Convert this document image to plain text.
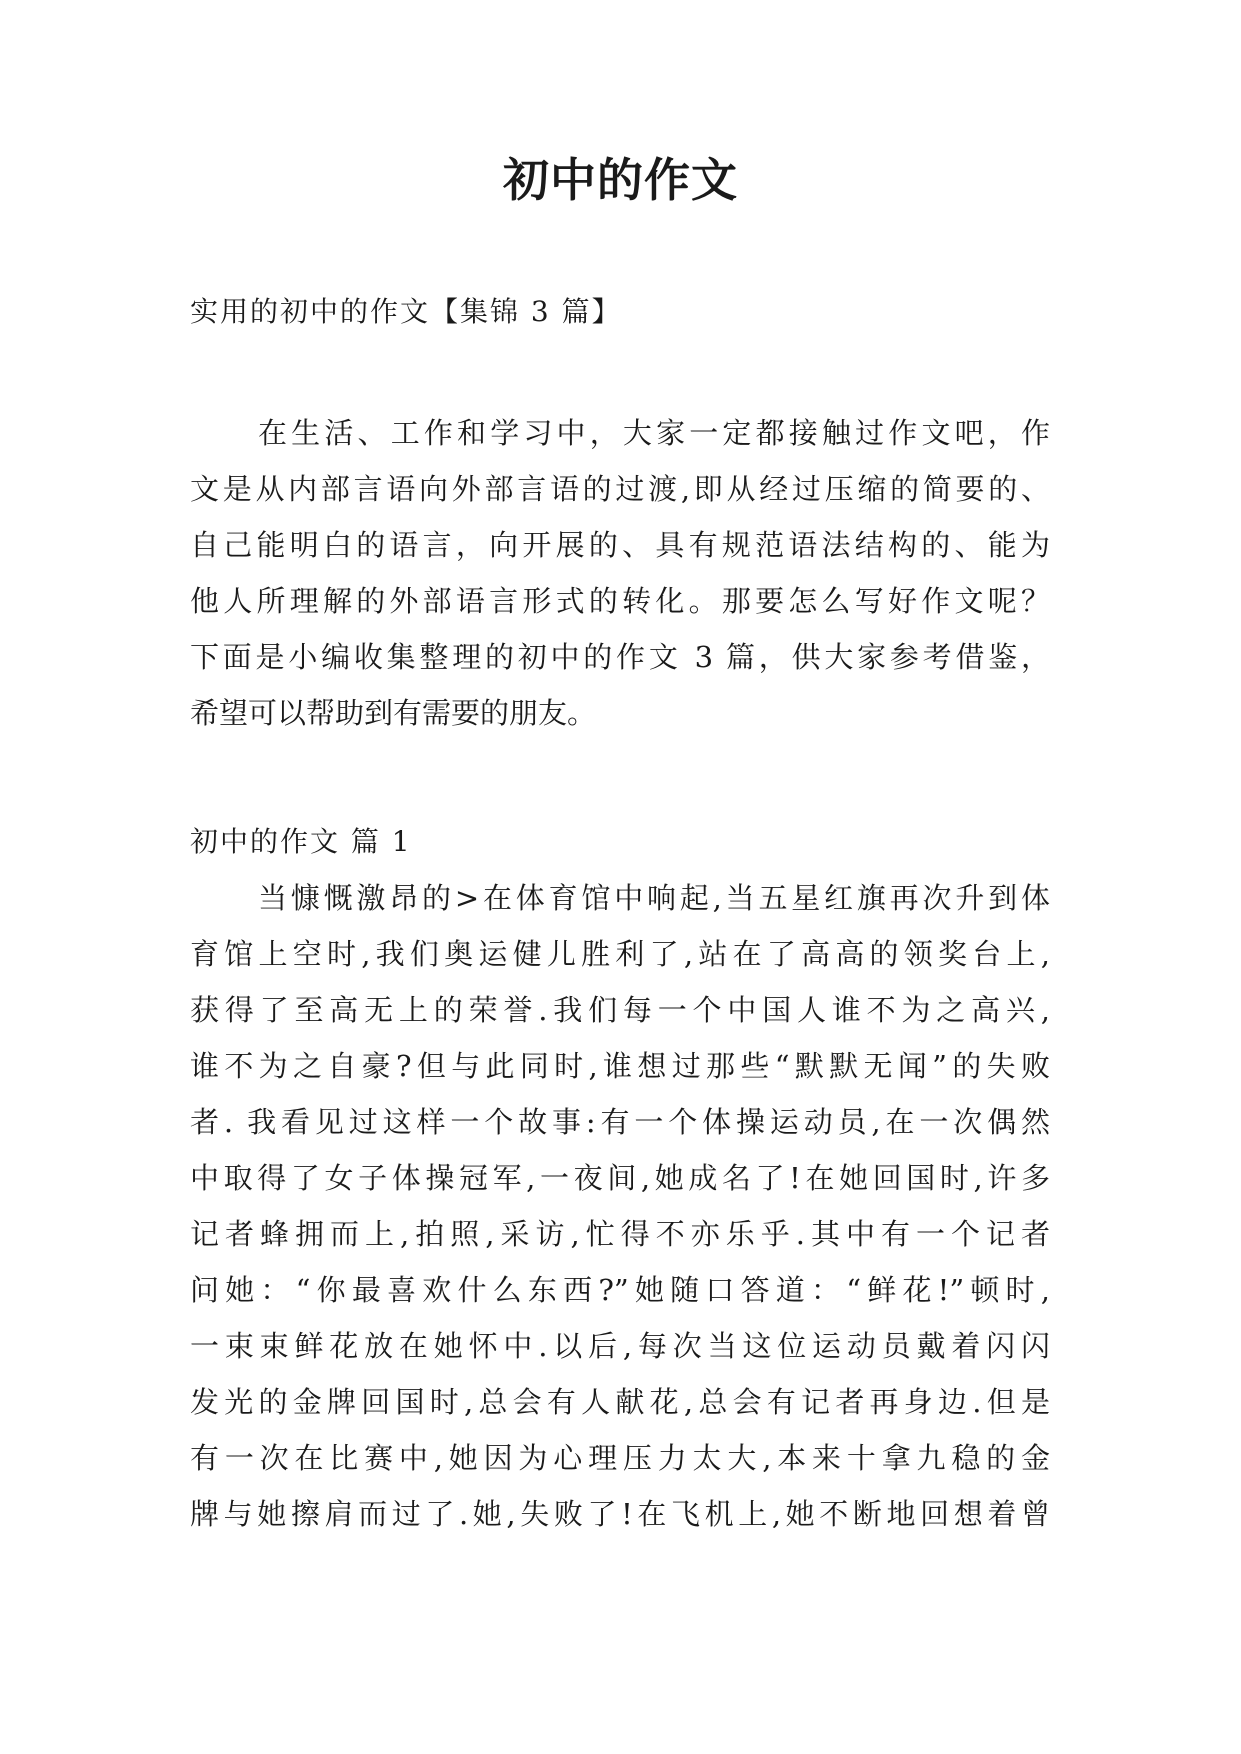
初中的作文
实用的初中的作文【集锦 3 篇】
在生活、工作和学习中，大家一定都接触过作文吧，作
文是从内部言语向外部言语的过渡,即从经过压缩的简要的、
自己能明白的语言，向开展的、具有规范语法结构的、能为
他人所理解的外部语言形式的转化。那要怎么写好作文呢？
下面是小编收集整理的初中的作文 3 篇，供大家参考借鉴，
希望可以帮助到有需要的朋友。
初中的作文 篇 1
当慷慨激昂的>在体育馆中响起,当五星红旗再次升到体
育馆上空时,我们奥运健儿胜利了,站在了高高的领奖台上,
获得了至高无上的荣誉.我们每一个中国人谁不为之高兴,
谁不为之自豪?但与此同时,谁想过那些“默默无闻”的失败
者. 我看见过这样一个故事:有一个体操运动员,在一次偶然
中取得了女子体操冠军,一夜间,她成名了!在她回国时,许多
记者蜂拥而上,拍照,采访,忙得不亦乐乎.其中有一个记者
问她：“你最喜欢什么东西?”她随口答道：“鲜花!”顿时,
一束束鲜花放在她怀中.以后,每次当这位运动员戴着闪闪
发光的金牌回国时,总会有人献花,总会有记者再身边.但是
有一次在比赛中,她因为心理压力太大,本来十拿九稳的金
牌与她擦肩而过了.她,失败了!在飞机上,她不断地回想着曾
